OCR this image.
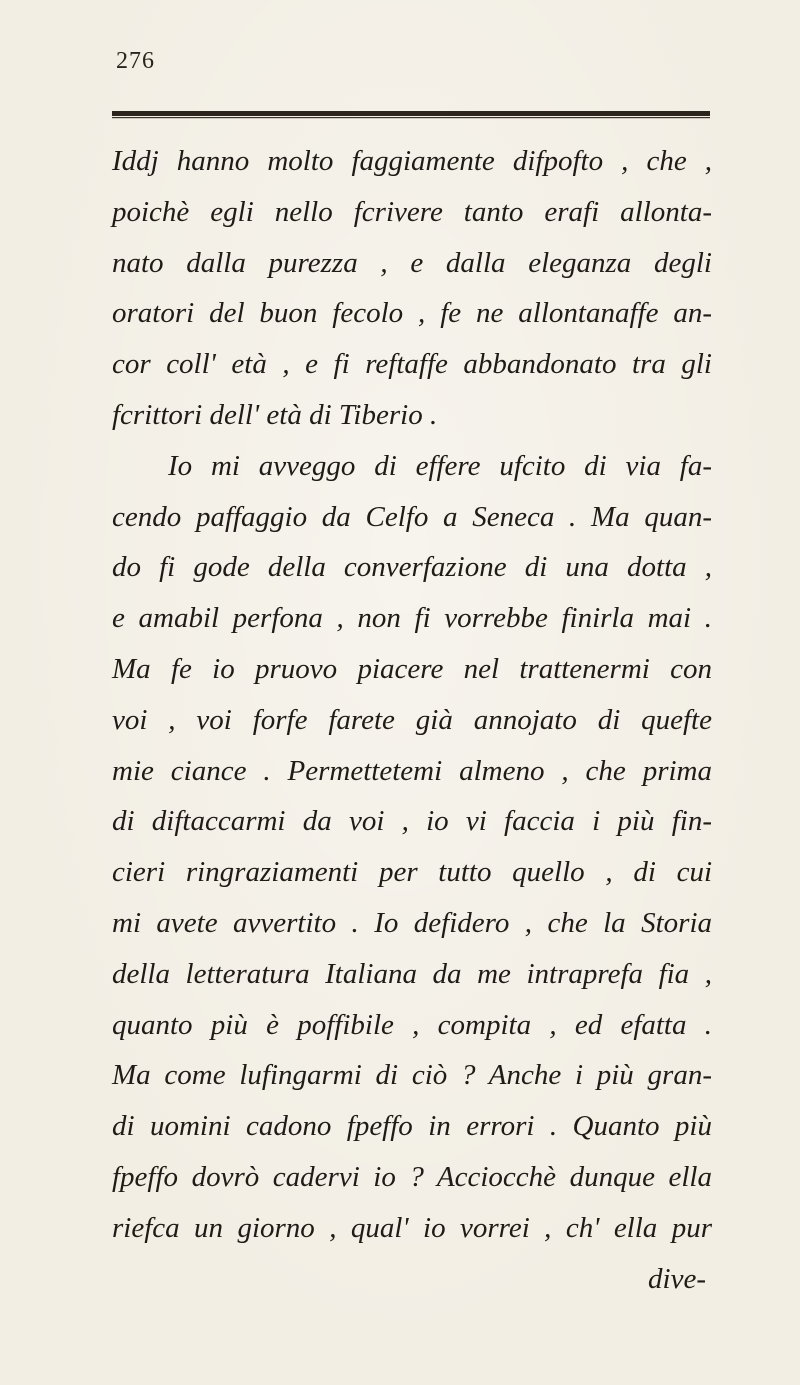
276
Iddj hanno molto faggiamente difpofto , che ,
poichè egli nello fcrivere tanto erafi allonta-
nato dalla purezza , e dalla eleganza degli
oratori del buon fecolo , fe ne allontanaffe an-
cor coll' età , e fi reftaffe abbandonato tra gli
fcrittori dell' età di Tiberio .
Io mi avveggo di effere ufcito di via fa-
cendo paffaggio da Celfo a Seneca . Ma quan-
do fi gode della converfazione di una dotta ,
e amabil perfona , non fi vorrebbe finirla mai .
Ma fe io pruovo piacere nel trattenermi con
voi , voi forfe farete già annojato di quefte
mie ciance . Permettetemi almeno , che prima
di diftaccarmi da voi , io vi faccia i più fin-
cieri ringraziamenti per tutto quello , di cui
mi avete avvertito . Io defidero , che la Storia
della letteratura Italiana da me intraprefa fia ,
quanto più è poffibile , compita , ed efatta .
Ma come lufingarmi di ciò ? Anche i più gran-
di uomini cadono fpeffo in errori . Quanto più
fpeffo dovrò cadervi io ? Acciocchè dunque ella
riefca un giorno , qual' io vorrei , ch' ella pur
dive-
